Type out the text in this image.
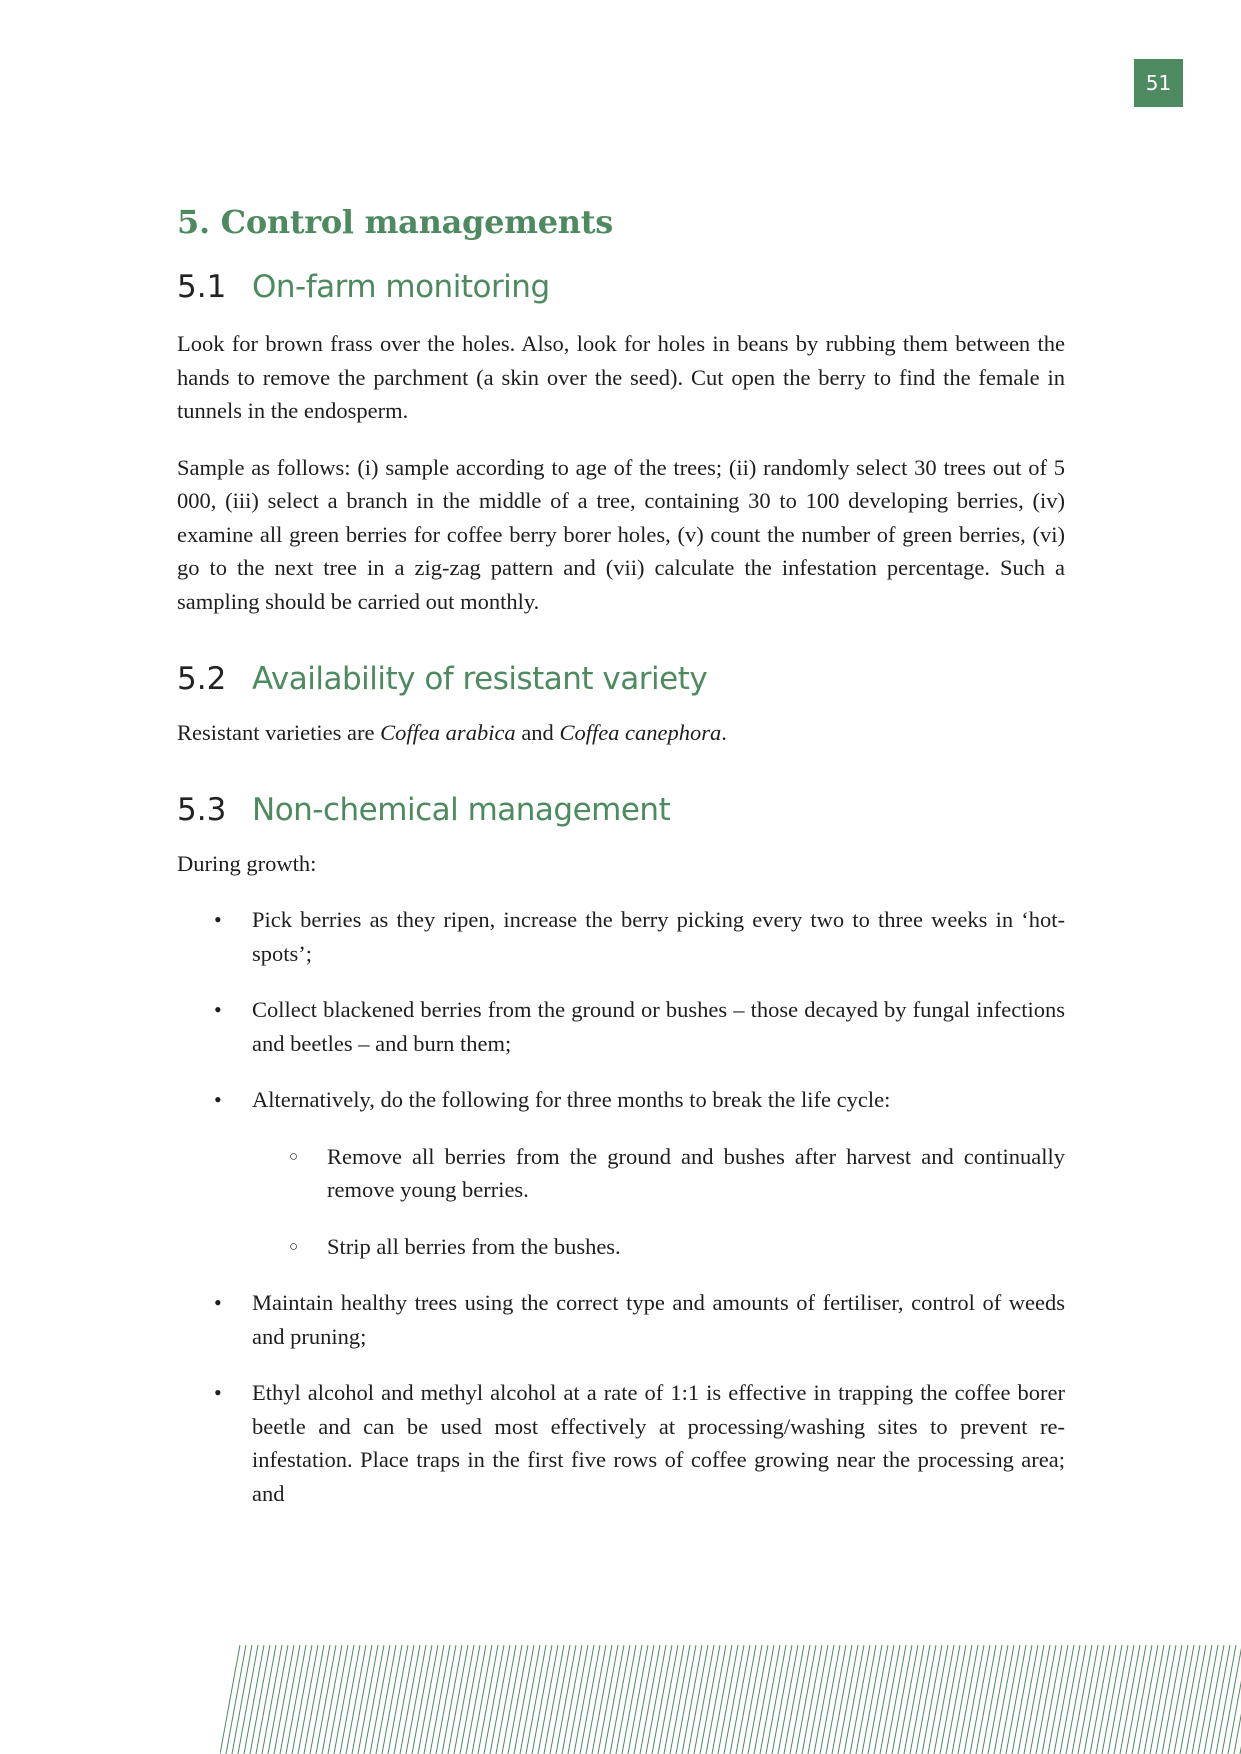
51
5. Control managements
5.1 On-farm monitoring

Look for brown frass over the holes. Also, look for holes in beans by rubbing them between the hands to remove the parchment (a skin over the seed). Cut open the berry to find the female in tunnels in the endosperm.

Sample as follows: (i) sample according to age of the trees; (ii) randomly select 30 trees out of 5 000, (iii) select a branch in the middle of a tree, containing 30 to 100 developing berries, (iv) examine all green berries for coffee berry borer holes, (v) count the number of green berries, (vi) go to the next tree in a zig-zag pattern and (vii) calculate the infestation percentage. Such a sampling should be carried out monthly.

5.2 Availability of resistant variety

Resistant varieties are Coffea arabica and Coffea canephora.

5.3 Non-chemical management

During growth:

• Pick berries as they ripen, increase the berry picking every two to three weeks in ‘hot-spots’;
• Collect blackened berries from the ground or bushes – those decayed by fungal infections and beetles – and burn them;
• Alternatively, do the following for three months to break the life cycle:
○ Remove all berries from the ground and bushes after harvest and continually remove young berries.
○ Strip all berries from the bushes.
• Maintain healthy trees using the correct type and amounts of fertiliser, control of weeds and pruning;
• Ethyl alcohol and methyl alcohol at a rate of 1:1 is effective in trapping the coffee borer beetle and can be used most effectively at processing/washing sites to prevent re-infestation. Place traps in the first five rows of coffee growing near the processing area; and
